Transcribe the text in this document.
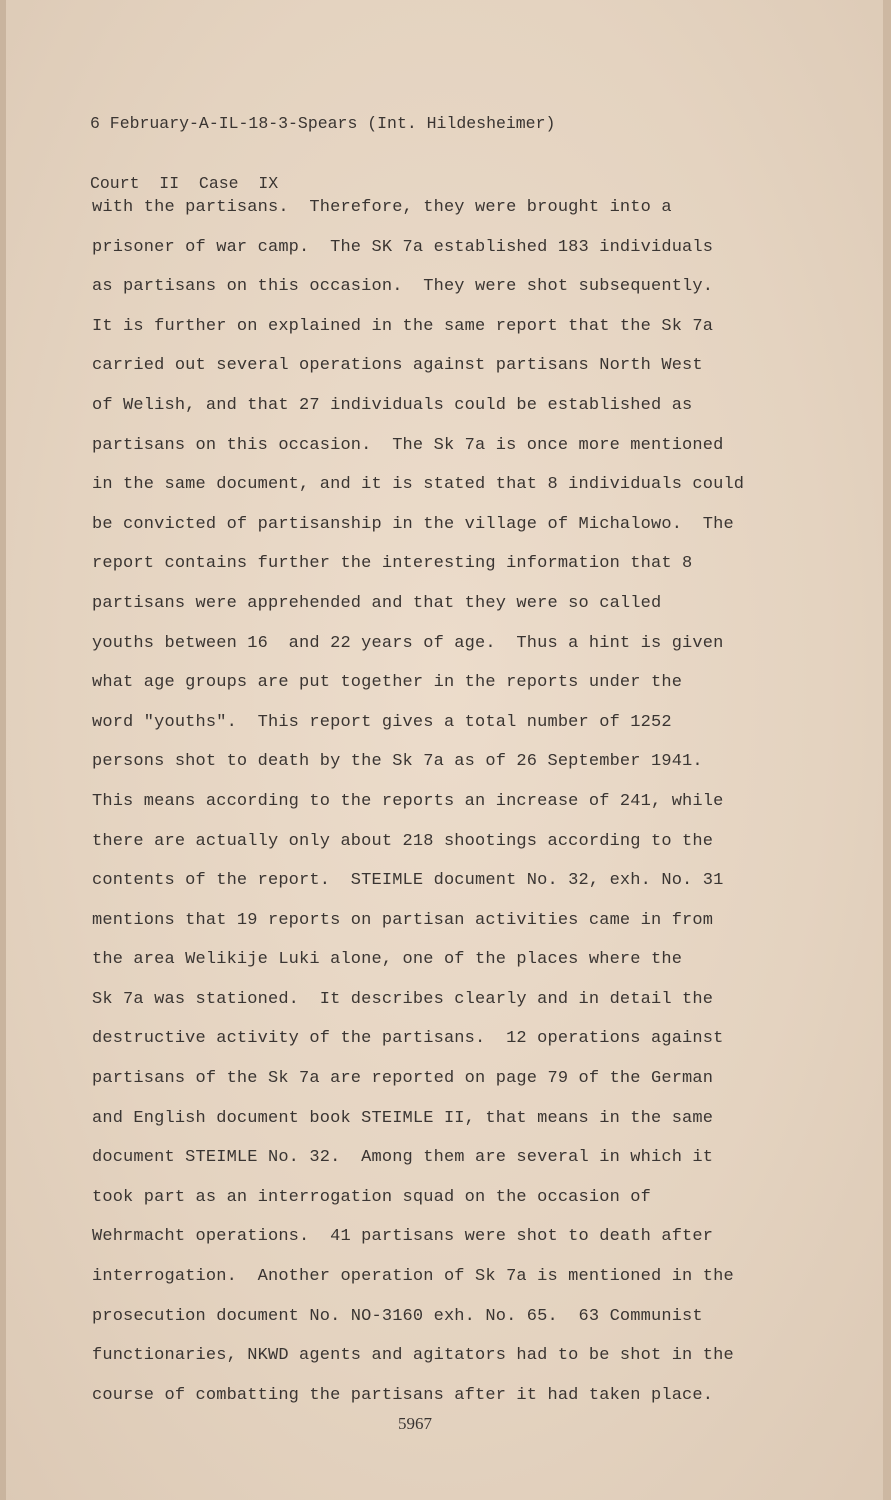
6 February-A-IL-18-3-Spears (Int. Hildesheimer)

Court  II  Case  IX

with the partisans.  Therefore, they were brought into a
prisoner of war camp.  The SK 7a established 183 individuals
as partisans on this occasion.  They were shot subsequently.
It is further on explained in the same report that the Sk 7a
carried out several operations against partisans North West
of Welish, and that 27 individuals could be established as
partisans on this occasion.  The Sk 7a is once more mentioned
in the same document, and it is stated that 8 individuals could
be convicted of partisanship in the village of Michalowo.  The
report contains further the interesting information that 8
partisans were apprehended and that they were so called
youths between 16  and 22 years of age.  Thus a hint is given
what age groups are put together in the reports under the
word "youths".  This report gives a total number of 1252
persons shot to death by the Sk 7a as of 26 September 1941.
This means according to the reports an increase of 241, while
there are actually only about 218 shootings according to the
contents of the report.  STEIMLE document No. 32, exh. No. 31
mentions that 19 reports on partisan activities came in from
the area Welikije Luki alone, one of the places where the
Sk 7a was stationed.  It describes clearly and in detail the
destructive activity of the partisans.  12 operations against
partisans of the Sk 7a are reported on page 79 of the German
and English document book STEIMLE II, that means in the same
document STEIMLE No. 32.  Among them are several in which it
took part as an interrogation squad on the occasion of
Wehrmacht operations.  41 partisans were shot to death after
interrogation.  Another operation of Sk 7a is mentioned in the
prosecution document No. NO-3160 exh. No. 65.  63 Communist
functionaries, NKWD agents and agitators had to be shot in the
course of combatting the partisans after it had taken place.
5967
